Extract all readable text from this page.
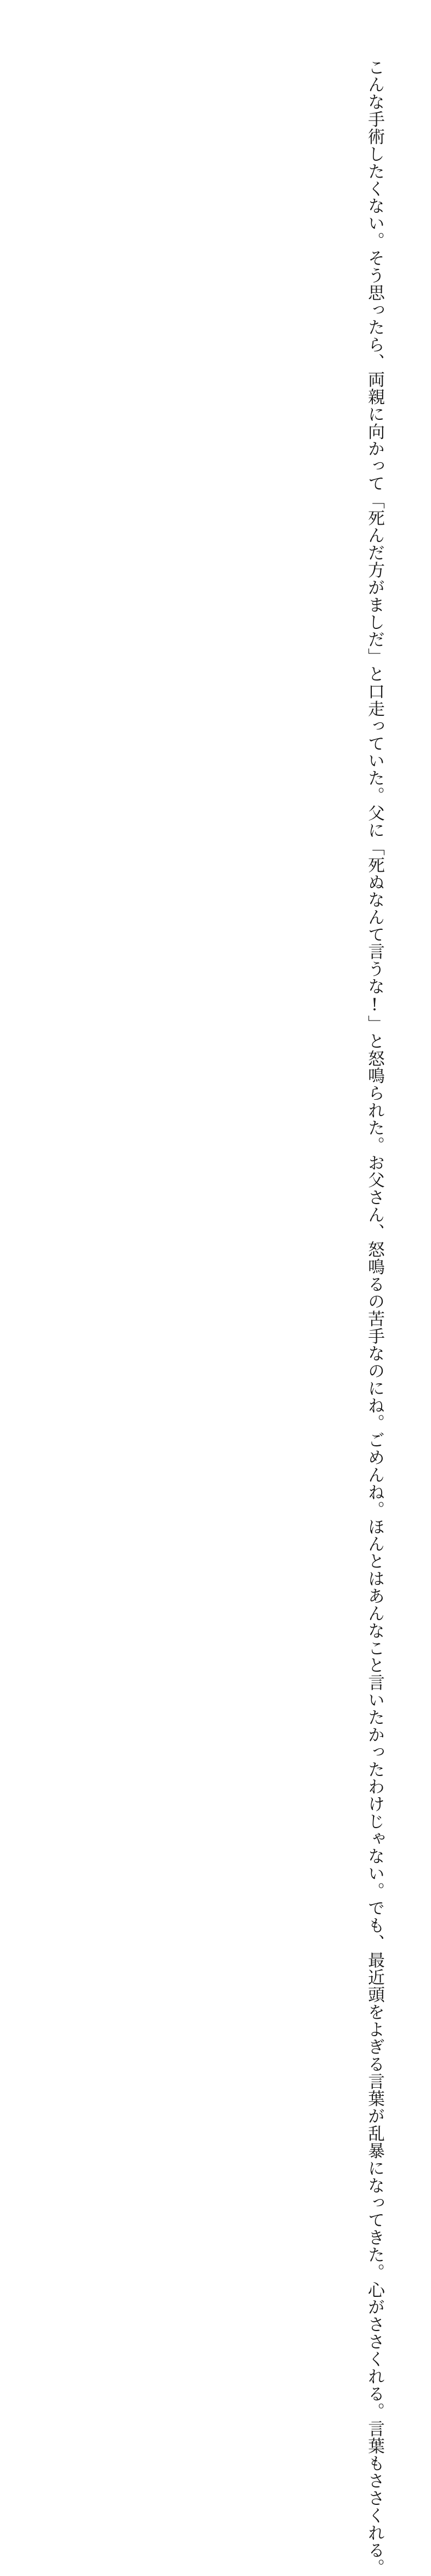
こんな手術したくない。そう思ったら、両親に向かって

「死んだ方がましだ」と口走っていた。

父に「死ぬなんて言うな!」と怒鳴られた。

お父さん、怒鳴るの苦手なのにね。ごめんね。

ほんとはあんなこと言いたかったわけじゃない。でも、

最近頭をよぎる言葉が乱暴になってきた。

心がささくれる。

言葉もささくれる。
